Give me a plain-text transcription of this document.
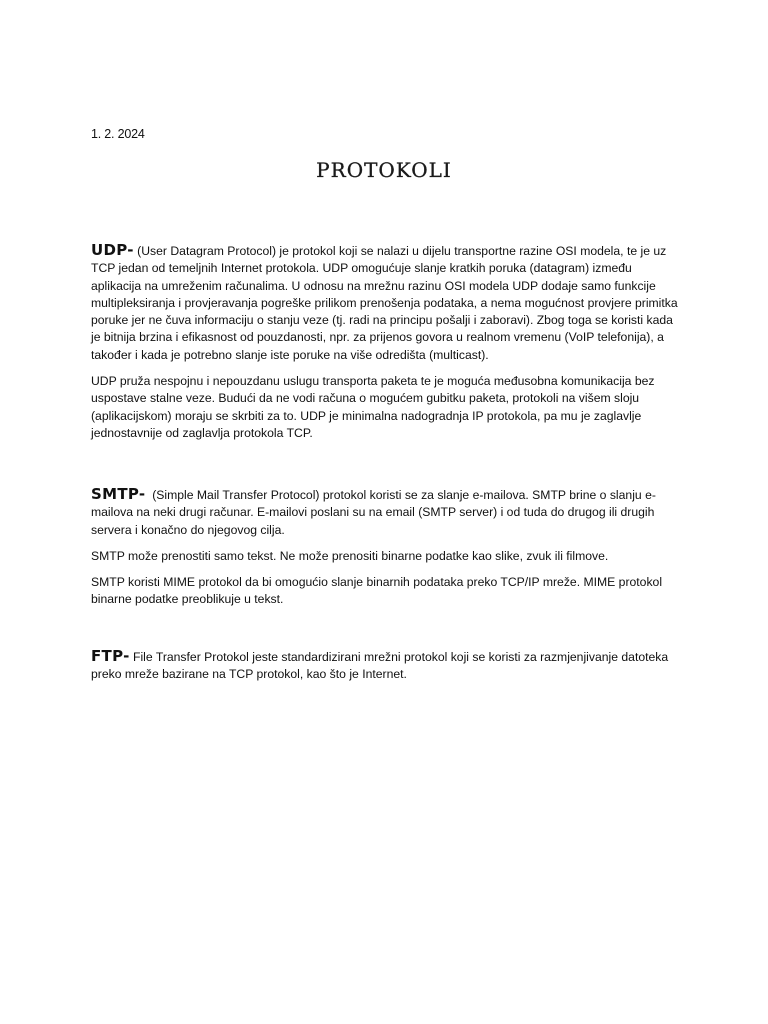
1. 2. 2024
PROTOKOLI

UDP- (User Datagram Protocol) je protokol koji se nalazi u dijelu transportne razine OSI modela, te je uz TCP jedan od temeljnih Internet protokola. UDP omogućuje slanje kratkih poruka (datagram) između aplikacija na umreženim računalima. U odnosu na mrežnu razinu OSI modela UDP dodaje samo funkcije multipleksiranja i provjeravanja pogreške prilikom prenošenja podataka, a nema mogućnost provjere primitka poruke jer ne čuva informaciju o stanju veze (tj. radi na principu pošalji i zaboravi). Zbog toga se koristi kada je bitnija brzina i efikasnost od pouzdanosti, npr. za prijenos govora u realnom vremenu (VoIP telefonija), a također i kada je potrebno slanje iste poruke na više odredišta (multicast).

UDP pruža nespojnu i nepouzdanu uslugu transporta paketa te je moguća međusobna komunikacija bez uspostave stalne veze. Budući da ne vodi računa o mogućem gubitku paketa, protokoli na višem sloju (aplikacijskom) moraju se skrbiti za to. UDP je minimalna nadogradnja IP protokola, pa mu je zaglavlje jednostavnije od zaglavlja protokola TCP.

SMTP-  (Simple Mail Transfer Protocol) protokol koristi se za slanje e-mailova. SMTP brine o slanju e-mailova na neki drugi računar. E-mailovi poslani su na email (SMTP server) i od tuda do drugog ili drugih servera i konačno do njegovog cilja.

SMTP može prenostiti samo tekst. Ne može prenositi binarne podatke kao slike, zvuk ili filmove.

SMTP koristi MIME protokol da bi omogućio slanje binarnih podataka preko TCP/IP mreže. MIME protokol binarne podatke preoblikuje u tekst.

FTP- File Transfer Protokol jeste standardizirani mrežni protokol koji se koristi za razmjenjivanje datoteka preko mreže bazirane na TCP protokol, kao što je Internet.
